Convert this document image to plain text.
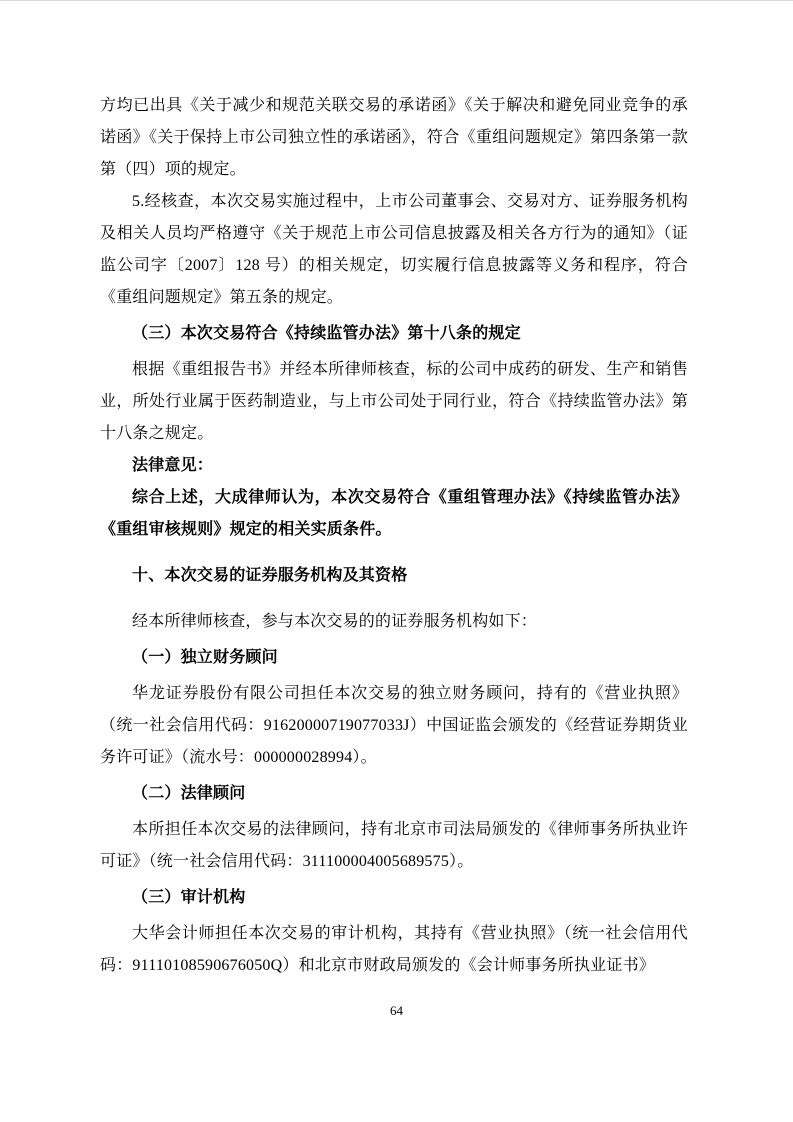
方均已出具《关于减少和规范关联交易的承诺函》《关于解决和避免同业竞争的承诺函》《关于保持上市公司独立性的承诺函》，符合《重组问题规定》第四条第一款第（四）项的规定。

5.经核查，本次交易实施过程中，上市公司董事会、交易对方、证券服务机构及相关人员均严格遵守《关于规范上市公司信息披露及相关各方行为的通知》（证监公司字〔2007〕128 号）的相关规定，切实履行信息披露等义务和程序，符合《重组问题规定》第五条的规定。

（三）本次交易符合《持续监管办法》第十八条的规定

根据《重组报告书》并经本所律师核查，标的公司中成药的研发、生产和销售业，所处行业属于医药制造业，与上市公司处于同行业，符合《持续监管办法》第十八条之规定。

法律意见：

综合上述，大成律师认为，本次交易符合《重组管理办法》《持续监管办法》《重组审核规则》规定的相关实质条件。

十、本次交易的证券服务机构及其资格

经本所律师核查，参与本次交易的的证券服务机构如下：

（一）独立财务顾问

华龙证券股份有限公司担任本次交易的独立财务顾问，持有的《营业执照》（统一社会信用代码：91620000719077033J）中国证监会颁发的《经营证券期货业务许可证》（流水号：000000028994）。

（二）法律顾问

本所担任本次交易的法律顾问，持有北京市司法局颁发的《律师事务所执业许可证》（统一社会信用代码：311100004005689575）。

（三）审计机构

大华会计师担任本次交易的审计机构，其持有《营业执照》（统一社会信用代码：91110108590676050Q）和北京市财政局颁发的《会计师事务所执业证书》

64
